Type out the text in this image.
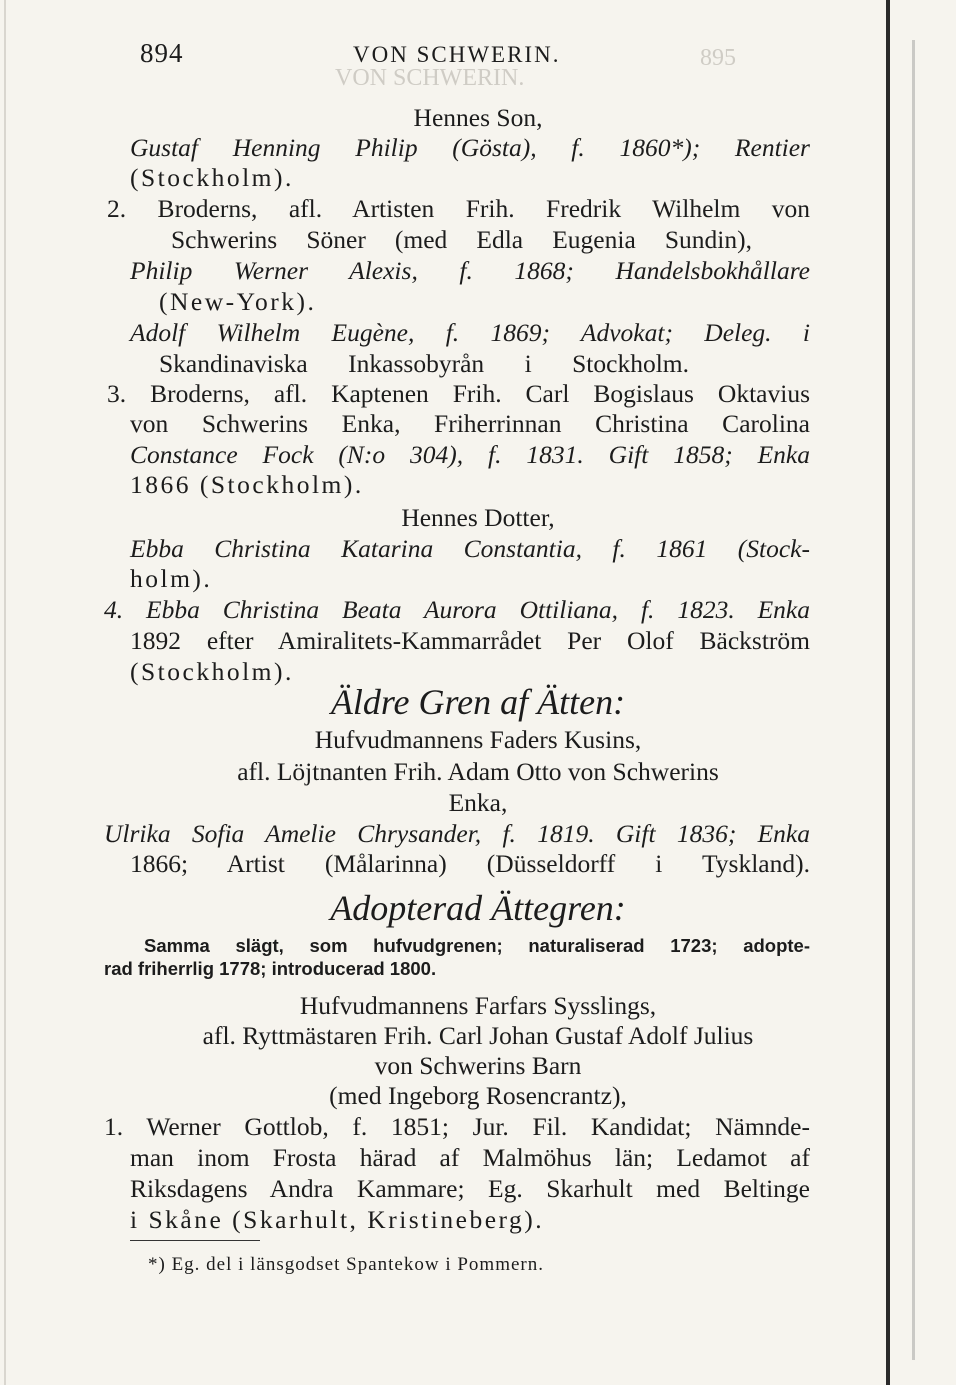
895
VON SCHWERIN.
894	VON SCHWERIN.
Hennes Son,
Gustaf Henning Philip (Gösta), f. 1860*); Rentier
(Stockholm).
2. Broderns, afl. Artisten Frih. Fredrik Wilhelm von
Schwerins Söner (med Edla Eugenia Sundin),
Philip Werner Alexis, f. 1868; Handelsbokhållare
(New-York).
Adolf Wilhelm Eugène, f. 1869; Advokat; Deleg. i
Skandinaviska Inkassobyrån i Stockholm.
3. Broderns, afl. Kaptenen Frih. Carl Bogislaus Oktavius
von Schwerins Enka, Friherrinnan Christina Carolina
Constance Fock (N:o 304), f. 1831. Gift 1858; Enka
1866 (Stockholm).
Hennes Dotter,
Ebba Christina Katarina Constantia, f. 1861 (Stock-
holm).
4. Ebba Christina Beata Aurora Ottiliana, f. 1823. Enka
1892 efter Amiralitets-Kammarrådet Per Olof Bäckström
(Stockholm).
Äldre Gren af Ätten:
Hufvudmannens Faders Kusins,
afl. Löjtnanten Frih. Adam Otto von Schwerins
Enka,
Ulrika Sofia Amelie Chrysander, f. 1819. Gift 1836; Enka
1866; Artist (Målarinna) (Düsseldorff i Tyskland).
Adopterad Ättegren:
Samma slägt, som hufvudgrenen; naturaliserad 1723; adopte-
rad friherrlig 1778; introducerad 1800.
Hufvudmannens Farfars Sysslings,
afl. Ryttmästaren Frih. Carl Johan Gustaf Adolf Julius
von Schwerins Barn
(med Ingeborg Rosencrantz),
1. Werner Gottlob, f. 1851; Jur. Fil. Kandidat; Nämnde-
man inom Frosta härad af Malmöhus län; Ledamot af
Riksdagens Andra Kammare; Eg. Skarhult med Beltinge
i Skåne (Skarhult, Kristineberg).
*) Eg. del i länsgodset Spantekow i Pommern.
